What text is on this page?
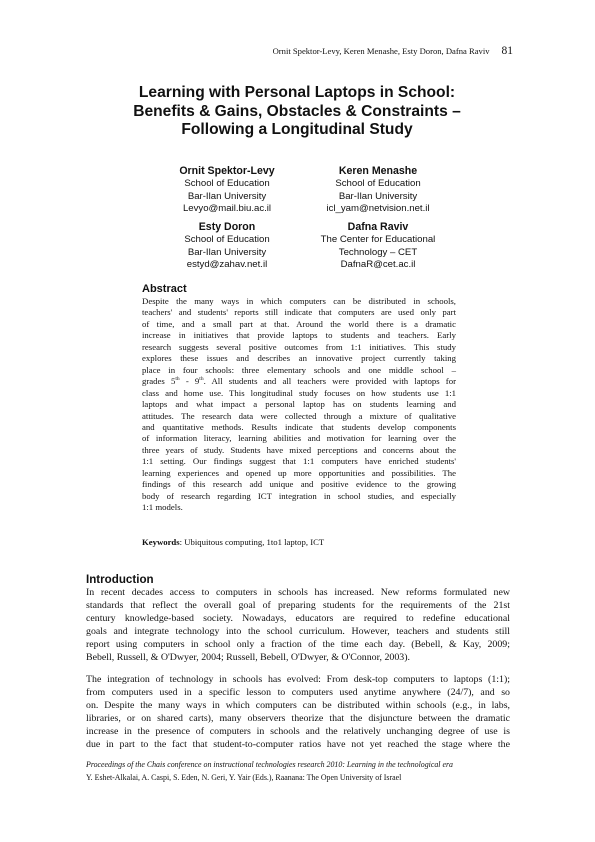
Ornit Spektor-Levy, Keren Menashe, Esty Doron, Dafna Raviv 81
Learning with Personal Laptops in School:
Benefits & Gains, Obstacles & Constraints –
Following a Longitudinal Study
Ornit Spektor-Levy
School of Education
Bar-Ilan University
Levyo@mail.biu.ac.il
Keren Menashe
School of Education
Bar-Ilan University
icl_yam@netvision.net.il
Esty Doron
School of Education
Bar-Ilan University
estyd@zahav.net.il
Dafna Raviv
The Center for Educational
Technology – CET
DafnaR@cet.ac.il
Abstract
Despite the many ways in which computers can be distributed in schools,
teachers' and students' reports still indicate that computers are used only part
of time, and a small part at that. Around the world there is a dramatic
increase in initiatives that provide laptops to students and teachers. Early
research suggests several positive outcomes from 1:1 initiatives. This study
explores these issues and describes an innovative project currently taking
place in four schools: three elementary schools and one middle school –
grades 5th - 9th. All students and all teachers were provided with laptops for
class and home use. This longitudinal study focuses on how students use 1:1
laptops and what impact a personal laptop has on students learning and
attitudes. The research data were collected through a mixture of qualitative
and quantitative methods. Results indicate that students develop components
of information literacy, learning abilities and motivation for learning over the
three years of study. Students have mixed perceptions and concerns about the
1:1 setting. Our findings suggest that 1:1 computers have enriched students'
learning experiences and opened up more opportunities and possibilities. The
findings of this research add unique and positive evidence to the growing
body of research regarding ICT integration in school studies, and especially
1:1 models.
Keywords: Ubiquitous computing, 1to1 laptop, ICT
Introduction
In recent decades access to computers in schools has increased. New reforms formulated new
standards that reflect the overall goal of preparing students for the requirements of the 21st
century knowledge-based society. Nowadays, educators are required to redefine educational
goals and integrate technology into the school curriculum. However, teachers and students still
report using computers in school only a fraction of the time each day. (Bebell, & Kay, 2009;
Bebell, Russell, & O'Dwyer, 2004; Russell, Bebell, O'Dwyer, & O'Connor, 2003).
The integration of technology in schools has evolved: From desk-top computers to laptops (1:1);
from computers used in a specific lesson to computers used anytime anywhere (24/7), and so
on. Despite the many ways in which computers can be distributed within schools (e.g., in labs,
libraries, or on shared carts), many observers theorize that the disjuncture between the dramatic
increase in the presence of computers in schools and the relatively unchanging degree of use is
due in part to the fact that student-to-computer ratios have not yet reached the stage where the
Proceedings of the Chais conference on instructional technologies research 2010: Learning in the technological era
Y. Eshet-Alkalai, A. Caspi, S. Eden, N. Geri, Y. Yair (Eds.), Raanana: The Open University of Israel
